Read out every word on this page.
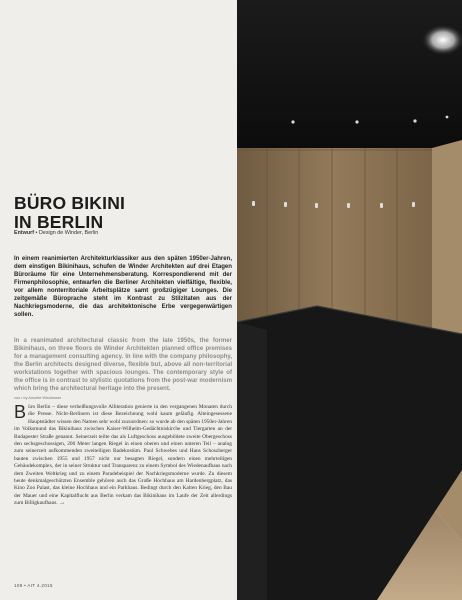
BÜRO BIKINI
IN BERLIN
Entwurf • Design de Winder, Berlin

In einem reanimierten Architekturklassiker aus den späten 1950er-Jahren, dem einstigen Bikinihaus, schufen de Winder Architekten auf drei Etagen Büroräume für eine Unternehmensberatung. Korrespondierend mit der Firmenphilosophie, entwarfen die Berliner Architekten vielfältige, flexible, vor allem nonterritoriale Arbeitsplätze samt großzügiger Lounges. Die zeitgemäße Büroprache steht im Kontrast zu Stilzitaten aus der Nachkriegsmoderne, die das architektonische Erbe vergegenwärtigen sollen.

In a reanimated architectural classic from the late 1950s, the former Bikinihaus, on three floors de Winder Architekten planned office premises for a management consulting agency. In line with the company philosophy, the Berlin architects designed diverse, flexible but, above all non-territorial workstations together with spacious lounges. The contemporary style of the office is in contrast to stylistic quotations from the post-war modernism which bring the architectural heritage into the present.

von • by Annette Weckesser
Büro Berlin – diese verheißungsvolle Alliteration genierte in den vergangenen Monaten durch die Presse. Nicht-Berlinern ist diese Bezeichnung wohl kaum geläufig. Alteingesessene Hauptstädter wissen den Namen sehr wohl zuzuordnen: so wurde ab den späten 1950er-Jahren im Volksmund das Bikinihaus zwischen Kaiser-Wilhelm-Gedächtniskirche und Tiergarten an der Budapester Straße genannt. Seinerzeit teilte das als Luftgeschoss ausgebildete zweite Obergeschoss den sechsgeschossigen, 200 Meter langen Riegel in einen oberen und einen unteren Teil – analog zum seinerzeit aufkommenden zweiteiligen Badekostüm. Paul Schwebes und Hans Schoszberger bauten zwischen 1955 und 1957 nicht nur besagten Riegel, sondern einen mehrteiligen Gebäudekomplex, der in seiner Struktur und Transparenz zu einem Symbol des Wiedenaufbaus nach dem Zweiten Weltkrieg und zu einem Paradebeispiel der Nachkriegsmoderne wurde. Zu diesem heute denkmalgeschützten Ensemble gehören auch das Große Hochhaus am Hardenbergplatz, das Kino Zoo Palast, das kleine Hochhaus und ein Parkhaus. Bedingt durch den Kalten Krieg, den Bau der Mauer und eine Kapitalflucht aus Berlin verkam das Bikinihaus im Laufe der Zeit allerdings zum Billigkaufhaus. →
108 • AIT 4.2015
